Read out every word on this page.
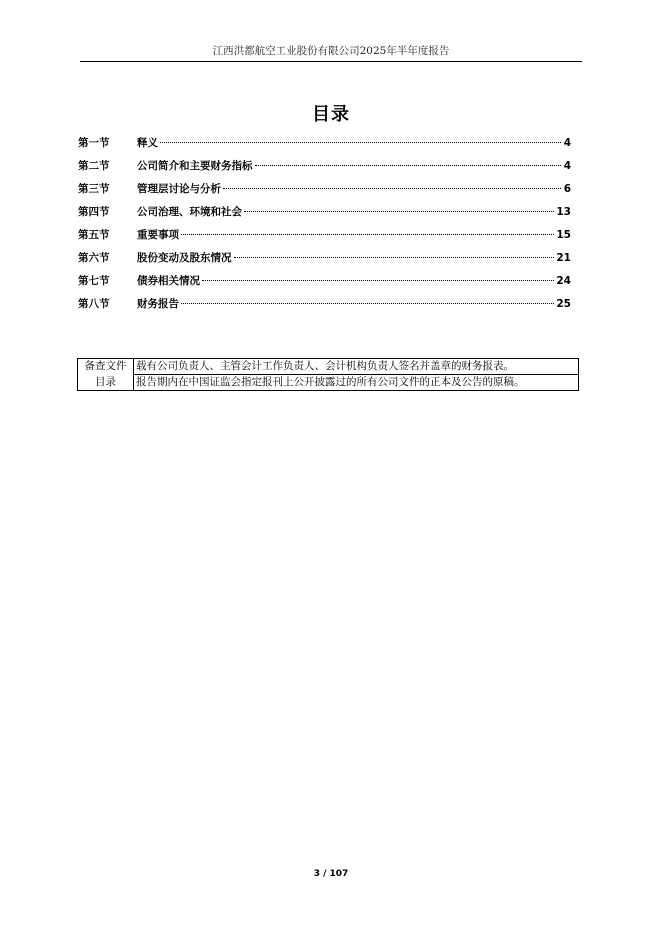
江西洪都航空工业股份有限公司2025年半年度报告
目录
第一节	释义	4
第二节	公司简介和主要财务指标	4
第三节	管理层讨论与分析	6
第四节	公司治理、环境和社会	13
第五节	重要事项	15
第六节	股份变动及股东情况	21
第七节	债券相关情况	24
第八节	财务报告	25
备查文件	载有公司负责人、主管会计工作负责人、会计机构负责人签名并盖章的财务报表。
目录	报告期内在中国证监会指定报刊上公开披露过的所有公司文件的正本及公告的原稿。
3 / 107
